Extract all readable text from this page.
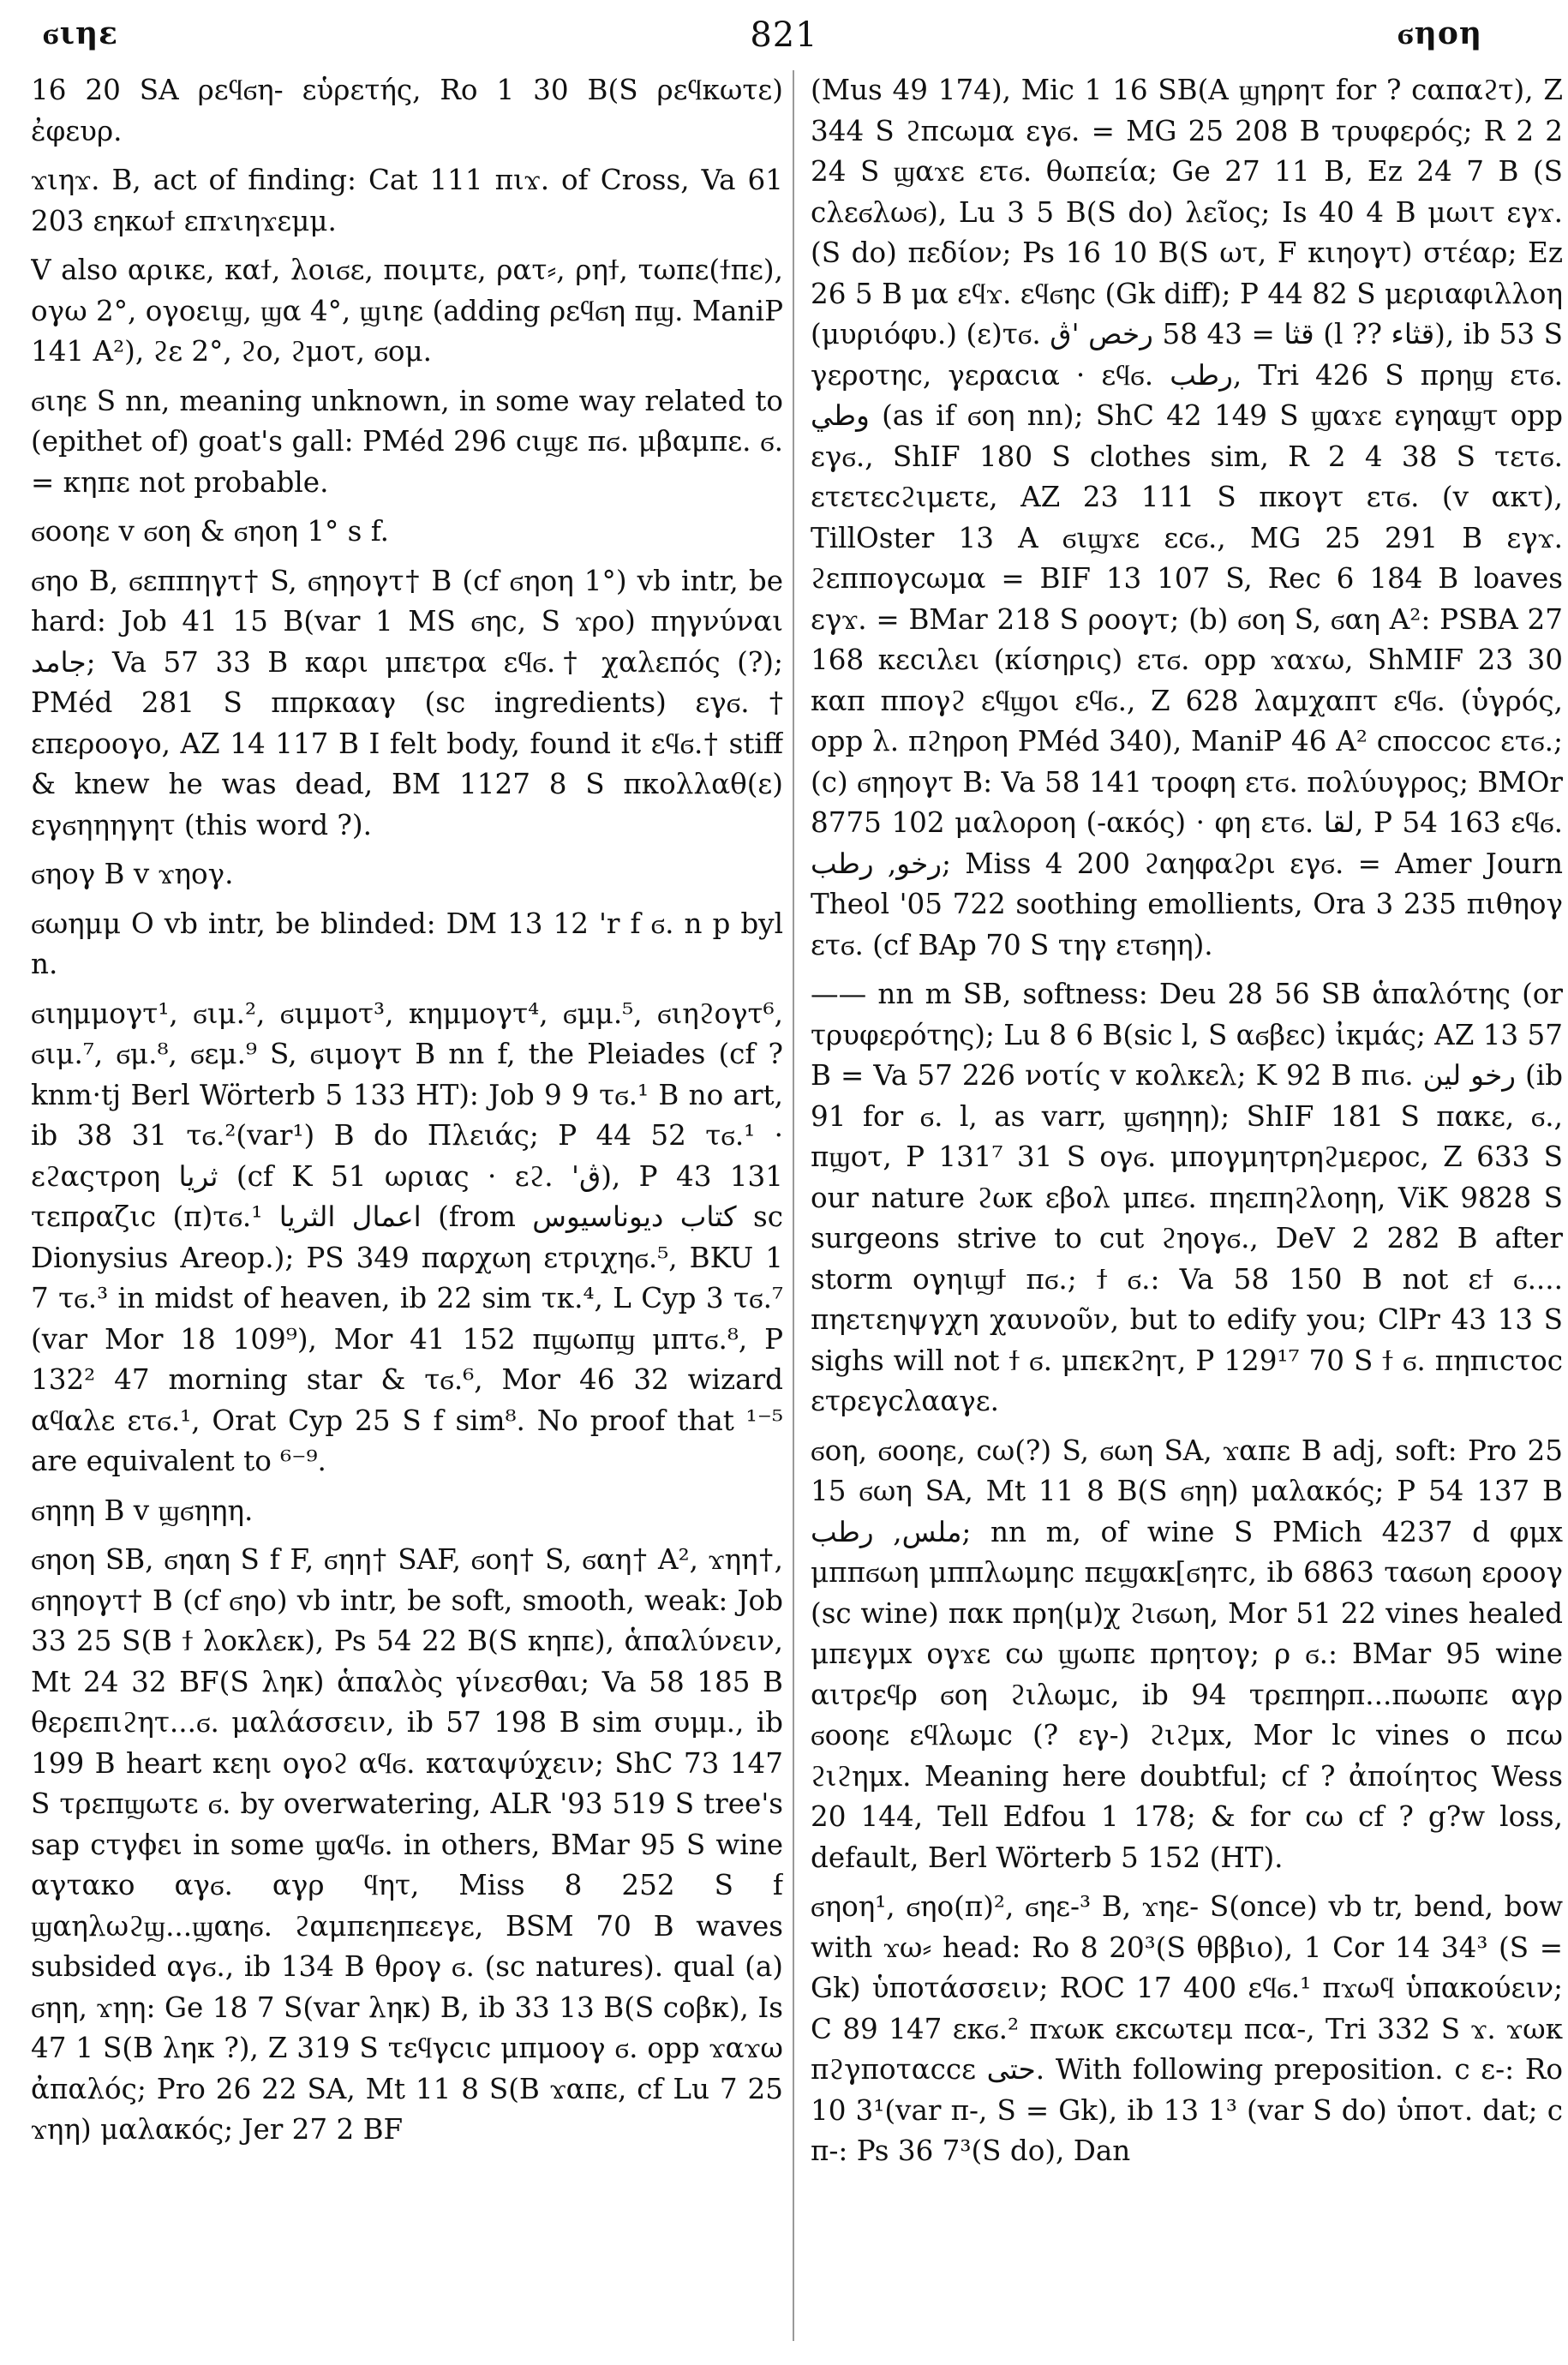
ϭιηε	821	ϭηοη

16 20 SA ρεϥϭη- εὑρετής, Ro 1 30 B(S ρεϥκωτε) ἐφευρ.

ϫιηϫ. B, act of finding: Cat 111 πιϫ. of Cross, Va 61 203 εηκωϯ επϫιηϫεμμ.

V also αρικε, καϯ, λοιϭε, ποιμτε, ρατ⸗, ρηϯ, τωπε(ϯπε), ογω 2°, ογοειϣ, ϣα 4°, ϣιηε (adding ρεϥϭη πϣ. ManiP 141 A²), ϩε 2°, ϩο, ϩμοτ, ϭομ.

ϭιηε S nn, meaning unknown, in some way related to (epithet of) goat's gall: PMéd 296 cιϣε πϭ. μβαμπε. ϭ. = κηπε not probable.

ϭοοηε v ϭοη & ϭηοη 1° s f.

ϭηο B, ϭεππηγτ† S, ϭηηογτ† B (cf ϭηοη 1°) vb intr, be hard: Job 41 15 B(var 1 MS ϭηc, S ϫρο) πηγνύναι جامد; Va 57 33 B καρι μπετρα εϥϭ.† χαλεπός (?); PMéd 281 S ππρκααγ (sc ingredients) εγϭ.† επεροογο, AZ 14 117 B I felt body, found it εϥϭ.† stiff & knew he was dead, BM 1127 8 S πκολλαθ(ε) εγϭηηηγητ (this word ?).

ϭηογ B v ϫηογ.

ϭωημμ O vb intr, be blinded: DM 13 12 'r f ϭ. n p byl n.

ϭιημμογτ¹, ϭιμ.², ϭιμμοτ³, κημμογτ⁴, ϭμμ.⁵, ϭιηϩογτ⁶, ϭιμ.⁷, ϭμ.⁸, ϭεμ.⁹ S, ϭιμογτ B nn f, the Pleiades (cf ? knm·tj Berl Wörterb 5 133 HT): Job 9 9 τϭ.¹ B no art, ib 38 31 τϭ.²(var¹) B do Πλειάς; P 44 52 τϭ.¹ · εϩαςτροη ثريا (cf K 51 ωριας · εϩ. 'ڨ), P 43 131 τεπραζιc (π)τϭ.¹ اعمال الثريا (from كتاب ديوناسيوس sc Dionysius Areop.); PS 349 παρχωη ετριχηϭ.⁵, BKU 1 7 τϭ.³ in midst of heaven, ib 22 sim τκ.⁴, L Cyp 3 τϭ.⁷ (var Mor 18 109⁹), Mor 41 152 πϣωπϣ μπτϭ.⁸, P 132² 47 morning star & τϭ.⁶, Mor 46 32 wizard αϥαλε ετϭ.¹, Orat Cyp 25 S f sim⁸. No proof that ¹⁻⁵ are equivalent to ⁶⁻⁹.

ϭηηη B v ϣϭηηη.

ϭηοη SB, ϭηαη S f F, ϭηη† SAF, ϭοη† S, ϭαη† A², ϫηη†, ϭηηογτ† B (cf ϭηο) vb intr, be soft, smooth, weak: Job 33 25 S(B ϯ λοκλεκ), Ps 54 22 B(S κηπε), ἁπαλύνειν, Mt 24 32 BF(S ληκ) ἁπαλὸς γίνεσθαι; Va 58 185 B θερεπιϩητ...ϭ. μαλάσσειν, ib 57 198 B sim συμμ., ib 199 B heart κεηι ογοϩ αϥϭ. καταψύχειν; ShC 73 147 S τρεπϣωτε ϭ. by overwatering, ALR '93 519 S tree's sap cτγϕει in some ϣαϥϭ. in others, BMar 95 S wine αγτακο αγϭ. αγρ ϥητ, Miss 8 252 S f ϣαηλωϩϣ...ϣαηϭ. ϩαμπεηπεεγε, BSM 70 B waves subsided αγϭ., ib 134 B θρογ ϭ. (sc natures). qual (a) ϭηη, ϫηη: Ge 18 7 S(var ληκ) B, ib 33 13 B(S cοβκ), Is 47 1 S(B ληκ ?), Z 319 S τεϥγcιc μπμοογ ϭ. opp ϫαϫω ἀπαλός; Pro 26 22 SA, Mt 11 8 S(B ϫαπε, cf Lu 7 25 ϫηη) μαλακός; Jer 27 2 BF

(Mus 49 174), Mic 1 16 SB(A ϣηρητ for ? cαπαϩτ), Z 344 S ϩπcωμα εγϭ. = MG 25 208 B τρυφερός; R 2 2 24 S ϣαϫε ετϭ. θωπεία; Ge 27 11 B, Ez 24 7 B (S cλεϭλωϭ), Lu 3 5 B(S do) λεῖος; Is 40 4 B μωιτ εγϫ. (S do) πεδίον; Ps 16 10 B(S ωτ, F κιηογτ) στέαρ; Ez 26 5 B μα εϥϫ. εϥϭηc (Gk diff); P 44 82 S μεριαφιλλοη (μυριόφυ.) (ε)τϭ. قثا = 43 58 رخص 'ڨ (l ?? قثاء), ib 53 S γεροτηc, γεραcια · εϥϭ. رطب, Tri 426 S πρηϣ ετϭ. وطي (as if ϭοη nn); ShC 42 149 S ϣαϫε εγηαϣτ opp εγϭ., ShIF 180 S clothes sim, R 2 4 38 S τετϭ. ετετεcϩιμετε, AZ 23 111 S πκογτ ετϭ. (v ακτ), TillOster 13 A ϭιϣϫε εcϭ., MG 25 291 B εγϫ. ϩεππογcωμα = BIF 13 107 S, Rec 6 184 B loaves εγϫ. = BMar 218 S ροογτ; (b) ϭοη S, ϭαη A²: PSBA 27 168 κεcιλει (κίσηρις) ετϭ. opp ϫαϫω, ShMIF 23 30 καπ ππογϩ εϥϣοι εϥϭ., Z 628 λαμχαπτ εϥϭ. (ὑγρός, opp λ. πϩηροη PMéd 340), ManiP 46 A² cποccoc ετϭ.; (c) ϭηηογτ B: Va 58 141 τροφη ετϭ. πολύυγρος; BMOr 8775 102 μαλοροη (-ακός) · φη ετϭ. لقا, P 54 163 εϥϭ. رخو, رطب; Miss 4 200 ϩαηφαϩρι εγϭ. = Amer Journ Theol '05 722 soothing emollients, Ora 3 235 πιθηογ ετϭ. (cf BAp 70 S τηγ ετϭηη).

—— nn m SB, softness: Deu 28 56 SB ἁπαλότης (or τρυφερότης); Lu 8 6 B(sic l, S αϭβεc) ἰκμάς; AZ 13 57 B = Va 57 226 νοτίς v κολκελ; K 92 B πιϭ. رخو لين (ib 91 for ϭ. l, as varr, ϣϭηηη); ShIF 181 S πακε, ϭ., πϣοτ, P 131⁷ 31 S ογϭ. μπογμητρηϩμεροc, Z 633 S our nature ϩωκ εβολ μπεϭ. πηεπηϩλοηη, ViK 9828 S surgeons strive to cut ϩηογϭ., DeV 2 282 B after storm ογηιϣϯ πϭ.; ϯ ϭ.: Va 58 150 B not εϯ ϭ.... πηετεηψγχη χαυνοῦν, but to edify you; ClPr 43 13 S sighs will not ϯ ϭ. μπεκϩητ, P 129¹⁷ 70 S ϯ ϭ. πηπιcτοc ετρεγcλααγε.

ϭοη, ϭοοηε, ϲω(?) S, ϭωη SA, ϫαπε B adj, soft: Pro 25 15 ϭωη SA, Mt 11 8 B(S ϭηη) μαλακός; P 54 137 B ملس, رطب; nn m, of wine S PMich 4237 d φμx μππϭωη μππλωμηc πεϣακ[ϭηтc, ib 6863 ταϭωη εροογ (sc wine) πακ πρη(μ)χ ϩιϭωη, Mor 51 22 vines healed μπεγμx ογϫε ϲω ϣωπε πρητογ; ρ ϭ.: BMar 95 wine αιτρεϥρ ϭοη ϩιλωμc, ib 94 τρεπηρπ...πωωπε αγρ ϭοοηε εϥλωμc (? εγ-) ϩιϩμx, Mor lc vines ο πϲω ϩιϩημx. Meaning here doubtful; cf ? ἀποίητος Wess 20 144, Tell Edfou 1 178; & for ϲω cf ? g?w loss, default, Berl Wörterb 5 152 (HT).

ϭηοη¹, ϭηο(π)², ϭηε-³ B, ϫηε- S(once) vb tr, bend, bow with ϫω⸗ head: Ro 8 20³(S θββιο), 1 Cor 14 34³ (S = Gk) ὑποτάσσειν; ROC 17 400 εϥϭ.¹ πϫωϥ ὑπακούειν; C 89 147 εκϭ.² πϫωκ εκcωτεμ πcα-, Tri 332 S ϫ. ϫωκ πϩγποταccε حتى. With following preposition. c ε-: Ro 10 3¹(var π-, S = Gk), ib 13 1³ (var S do) ὑποτ. dat; c π-: Ps 36 7³(S do), Dan
